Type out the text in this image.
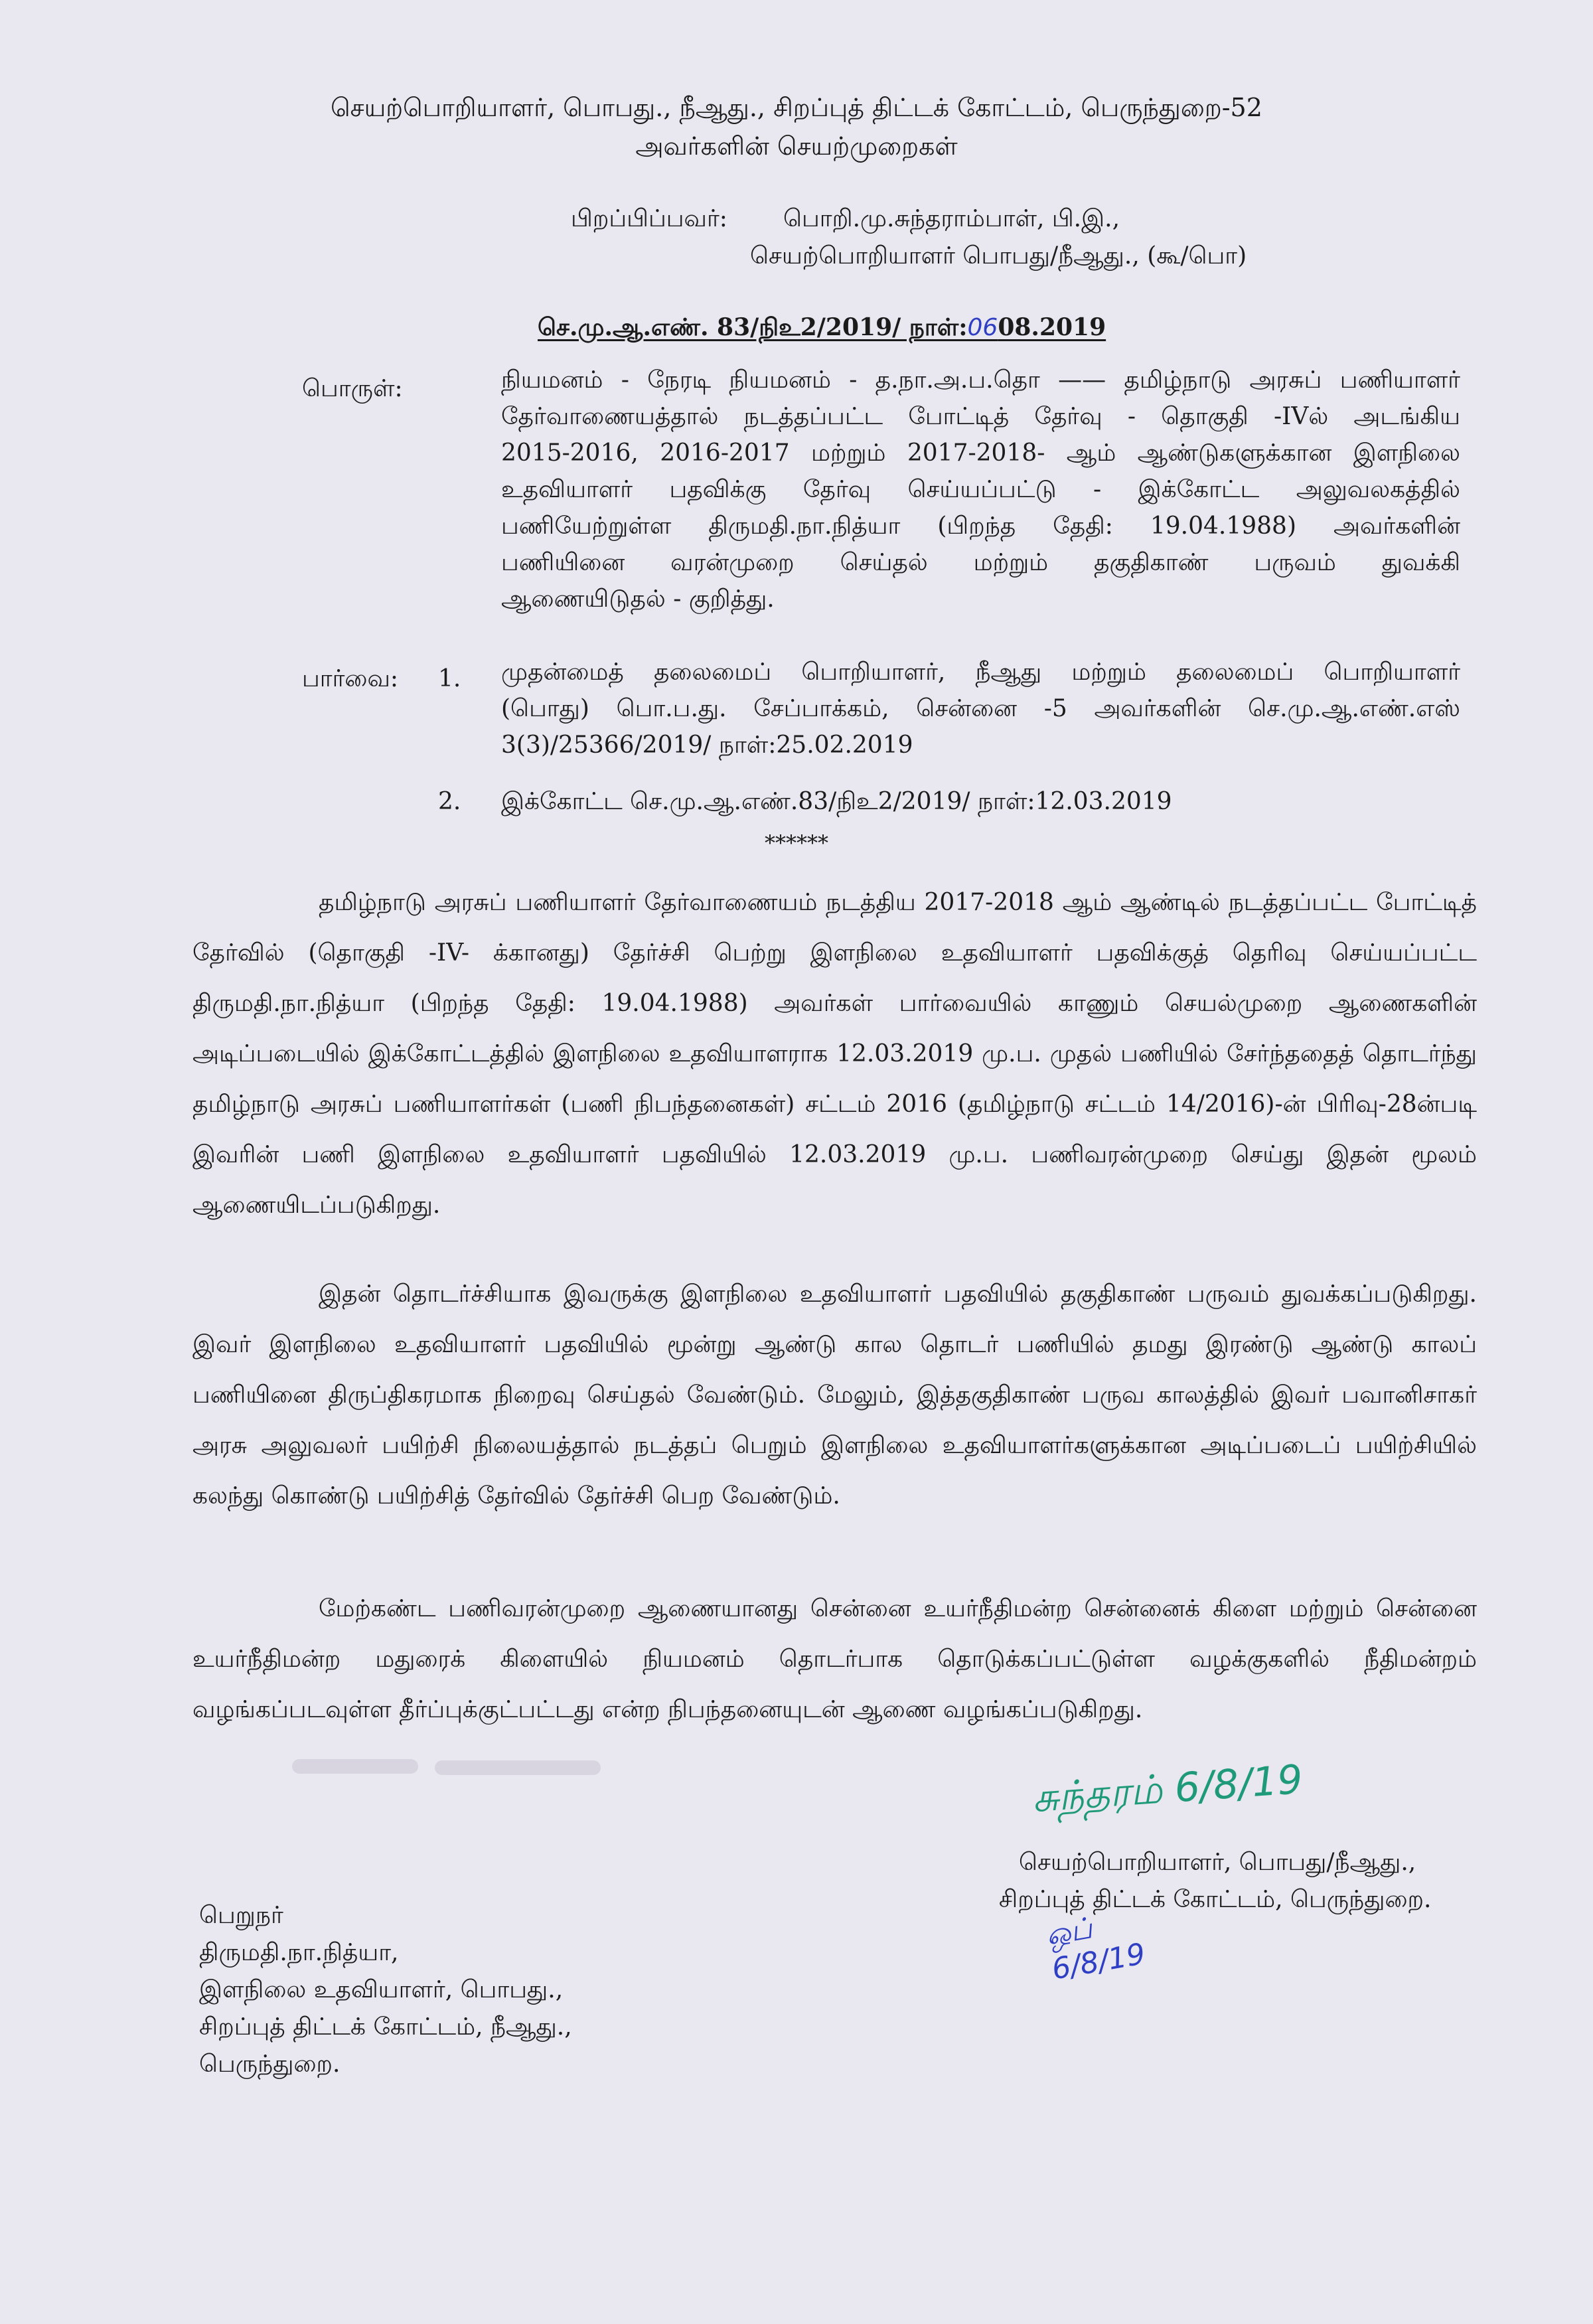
செயற்பொறியாளர், பொபது., நீஆது., சிறப்புத் திட்டக் கோட்டம், பெருந்துறை-52
அவர்களின் செயற்முறைகள்
பிறப்பிப்பவர்: பொறி.மு.சுந்தராம்பாள், பி.இ.,
செயற்பொறியாளர் பொபது/நீஆது., (கூ/பொ)
செ.மு.ஆ.எண். 83/நிஉ2/2019/ நாள்:0608.2019
பொருள்:	நியமனம் - நேரடி நியமனம் - த.நா.அ.ப.தொ —— தமிழ்நாடு அரசுப் பணியாளர்
தேர்வாணையத்தால் நடத்தப்பட்ட போட்டித் தேர்வு - தொகுதி -IVல் அடங்கிய
2015-2016, 2016-2017 மற்றும் 2017-2018- ஆம் ஆண்டுகளுக்கான இளநிலை
உதவியாளர் பதவிக்கு தேர்வு செய்யப்பட்டு - இக்கோட்ட அலுவலகத்தில்
பணியேற்றுள்ள திருமதி.நா.நித்யா (பிறந்த தேதி: 19.04.1988) அவர்களின்
பணியினை வரன்முறை செய்தல் மற்றும் தகுதிகாண் பருவம் துவக்கி
ஆணையிடுதல் - குறித்து.
பார்வை: 1. முதன்மைத் தலைமைப் பொறியாளர், நீஆது மற்றும் தலைமைப் பொறியாளர்
(பொது) பொ.ப.து. சேப்பாக்கம், சென்னை -5 அவர்களின் செ.மு.ஆ.எண்.எஸ்
3(3)/25366/2019/ நாள்:25.02.2019
2. இக்கோட்ட செ.மு.ஆ.எண்.83/நிஉ2/2019/ நாள்:12.03.2019
******
தமிழ்நாடு அரசுப் பணியாளர் தேர்வாணையம் நடத்திய 2017-2018 ஆம் ஆண்டில் நடத்தப்பட்ட போட்டித் தேர்வில் (தொகுதி -IV- க்கானது) தேர்ச்சி பெற்று இளநிலை உதவியாளர் பதவிக்குத் தெரிவு செய்யப்பட்ட திருமதி.நா.நித்யா (பிறந்த தேதி: 19.04.1988) அவர்கள் பார்வையில் காணும் செயல்முறை ஆணைகளின் அடிப்படையில் இக்கோட்டத்தில் இளநிலை உதவியாளராக 12.03.2019 மு.ப. முதல் பணியில் சேர்ந்ததைத் தொடர்ந்து தமிழ்நாடு அரசுப் பணியாளர்கள் (பணி நிபந்தனைகள்) சட்டம் 2016 (தமிழ்நாடு சட்டம் 14/2016)-ன் பிரிவு-28ன்படி இவரின் பணி இளநிலை உதவியாளர் பதவியில் 12.03.2019 மு.ப. பணிவரன்முறை செய்து இதன் மூலம் ஆணையிடப்படுகிறது.
இதன் தொடர்ச்சியாக இவருக்கு இளநிலை உதவியாளர் பதவியில் தகுதிகாண் பருவம் துவக்கப்படுகிறது. இவர் இளநிலை உதவியாளர் பதவியில் மூன்று ஆண்டு கால தொடர் பணியில் தமது இரண்டு ஆண்டு காலப் பணியினை திருப்திகரமாக நிறைவு செய்தல் வேண்டும். மேலும், இத்தகுதிகாண் பருவ காலத்தில் இவர் பவானிசாகர் அரசு அலுவலர் பயிற்சி நிலையத்தால் நடத்தப் பெறும் இளநிலை உதவியாளர்களுக்கான அடிப்படைப் பயிற்சியில் கலந்து கொண்டு பயிற்சித் தேர்வில் தேர்ச்சி பெற வேண்டும்.
மேற்கண்ட பணிவரன்முறை ஆணையானது சென்னை உயர்நீதிமன்ற சென்னைக் கிளை மற்றும் சென்னை உயர்நீதிமன்ற மதுரைக் கிளையில் நியமனம் தொடர்பாக தொடுக்கப்பட்டுள்ள வழக்குகளில் நீதிமன்றம் வழங்கப்படவுள்ள தீர்ப்புக்குட்பட்டது என்ற நிபந்தனையுடன் ஆணை வழங்கப்படுகிறது.
சுந்தரம் 6/8/19
செயற்பொறியாளர், பொபது/நீஆது.,
சிறப்புத் திட்டக் கோட்டம், பெருந்துறை.
ஒப் 6/8/19
பெறுநர்
திருமதி.நா.நித்யா,
இளநிலை உதவியாளர், பொபது.,
சிறப்புத் திட்டக் கோட்டம், நீஆது.,
பெருந்துறை.
